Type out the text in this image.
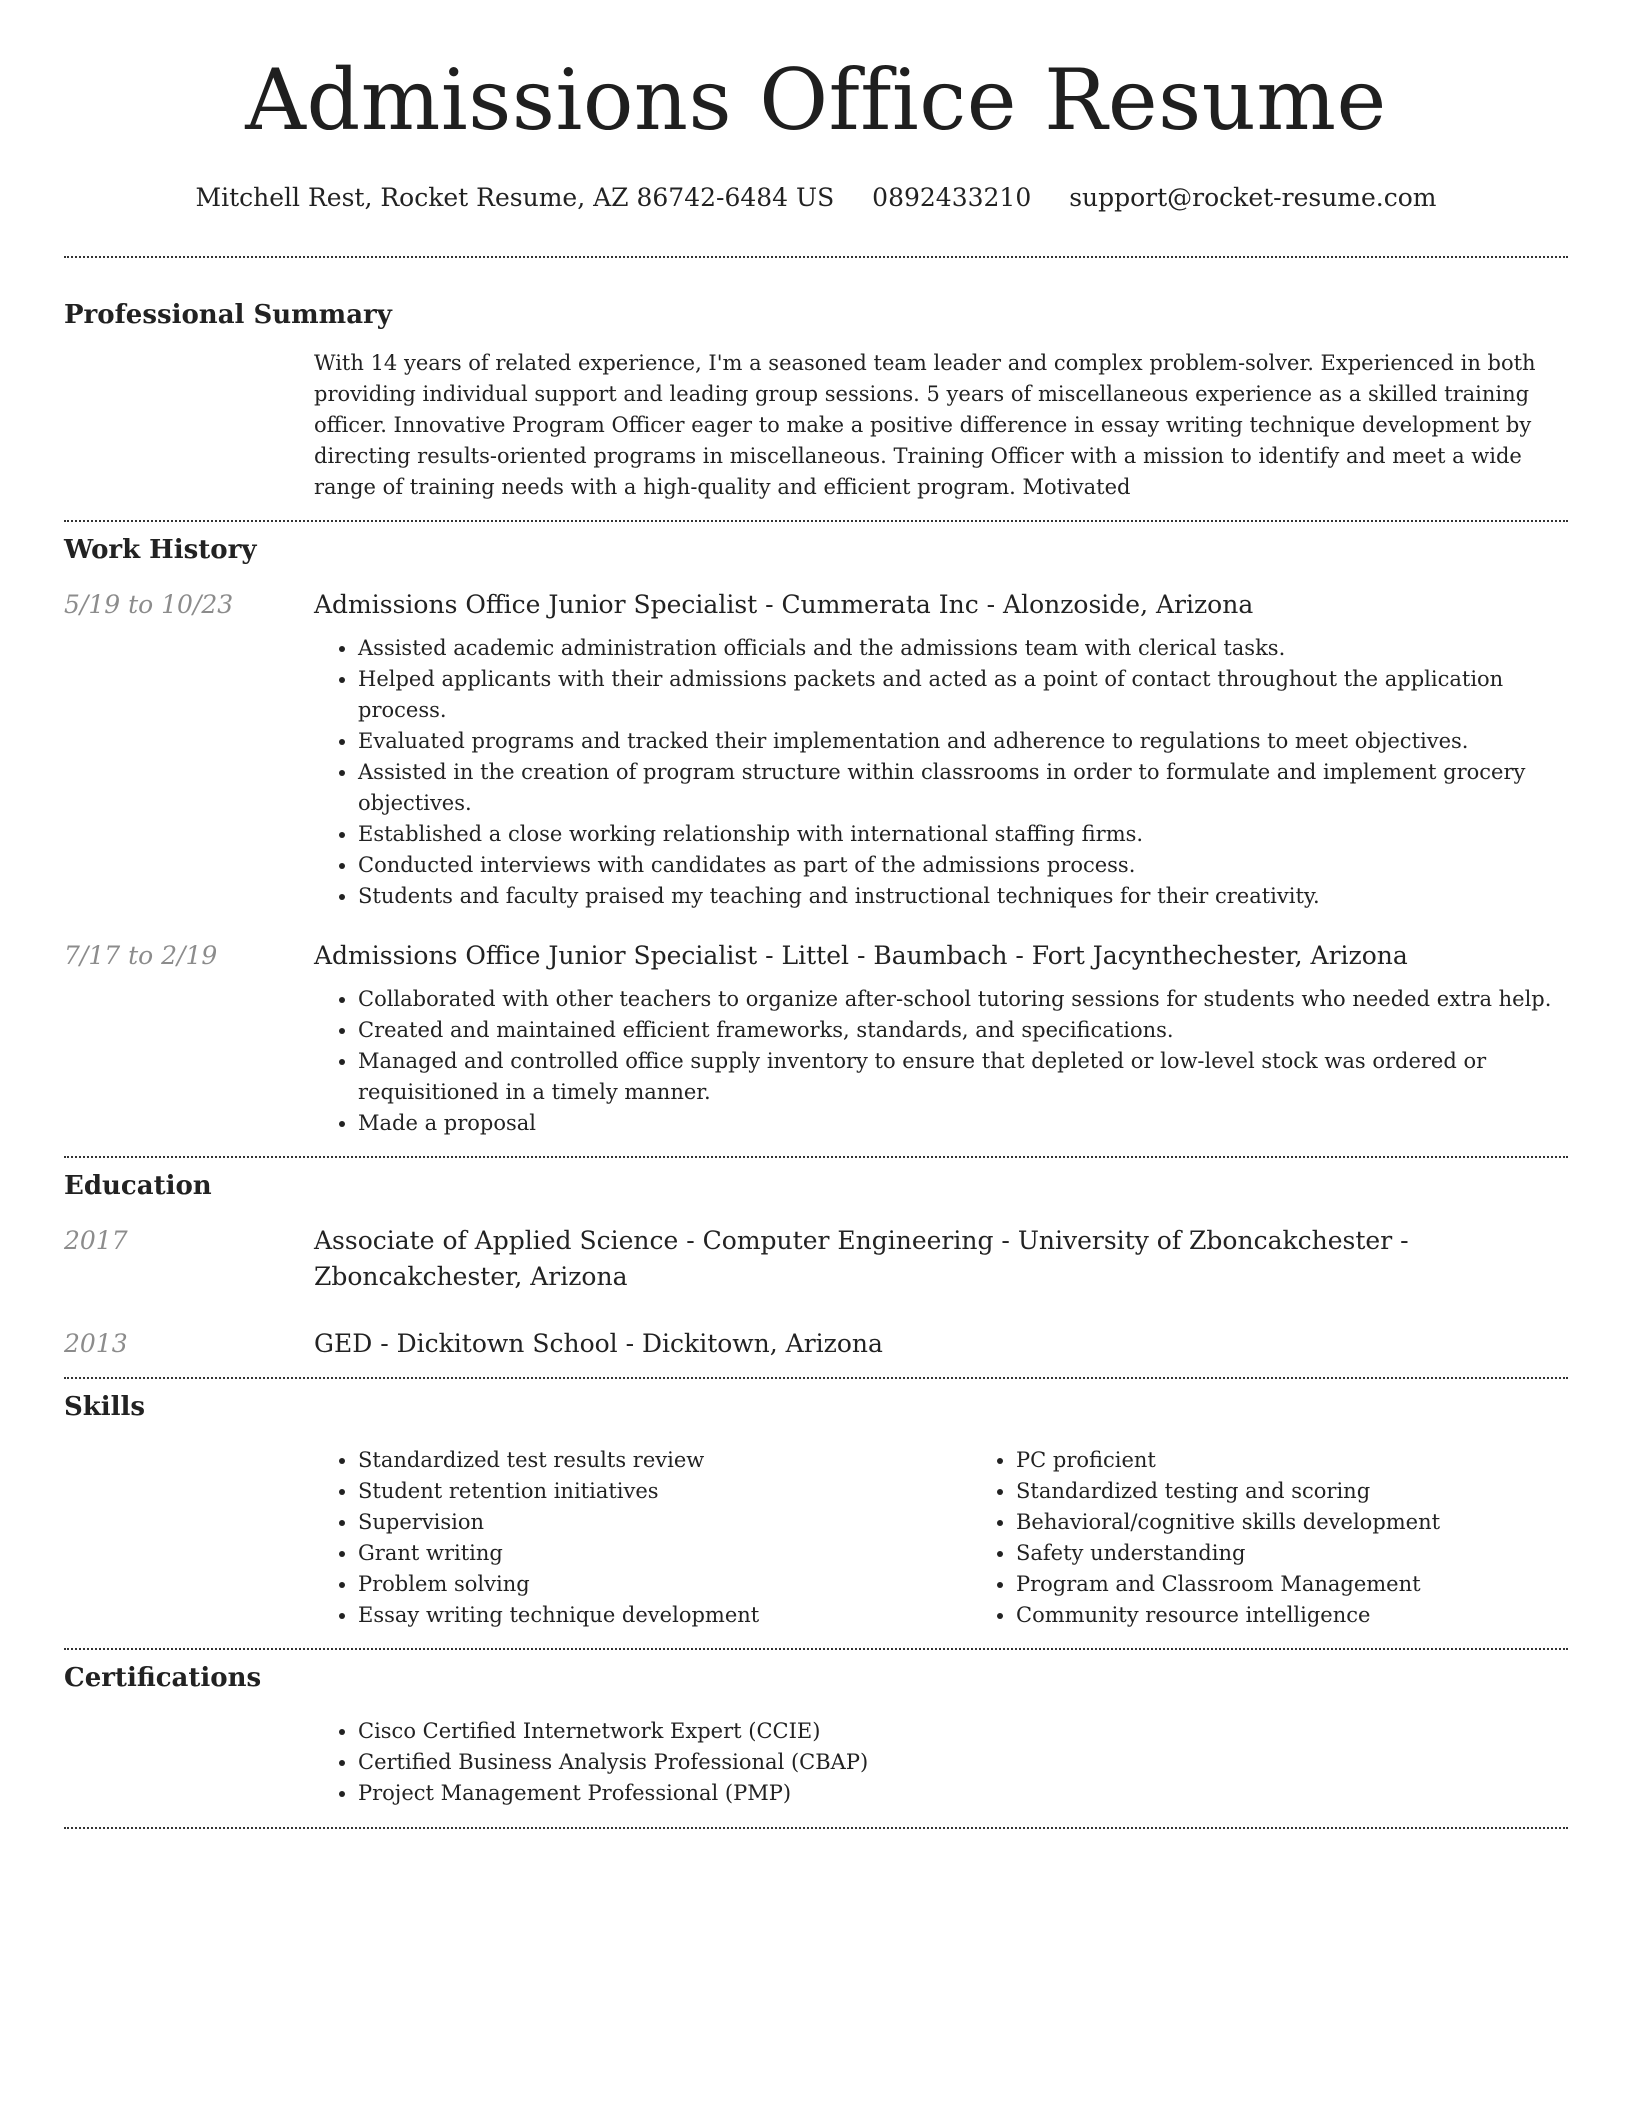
Admissions Office Resume
Mitchell Rest, Rocket Resume, AZ 86742-6484 US 0892433210 support@rocket-resume.com
Professional Summary

With 14 years of related experience, I'm a seasoned team leader and complex problem-solver. Experienced in both providing individual support and leading group sessions. 5 years of miscellaneous experience as a skilled training officer. Innovative Program Officer eager to make a positive difference in essay writing technique development by directing results-oriented programs in miscellaneous. Training Officer with a mission to identify and meet a wide range of training needs with a high-quality and efficient program. Motivated

Work History
5/19 to 10/23	Admissions Office Junior Specialist - Cummerata Inc - Alonzoside, Arizona
• Assisted academic administration officials and the admissions team with clerical tasks.
• Helped applicants with their admissions packets and acted as a point of contact throughout the application process.
• Evaluated programs and tracked their implementation and adherence to regulations to meet objectives.
• Assisted in the creation of program structure within classrooms in order to formulate and implement grocery objectives.
• Established a close working relationship with international staffing firms.
• Conducted interviews with candidates as part of the admissions process.
• Students and faculty praised my teaching and instructional techniques for their creativity.
7/17 to 2/19	Admissions Office Junior Specialist - Littel - Baumbach - Fort Jacynthechester, Arizona
• Collaborated with other teachers to organize after-school tutoring sessions for students who needed extra help.
• Created and maintained efficient frameworks, standards, and specifications.
• Managed and controlled office supply inventory to ensure that depleted or low-level stock was ordered or requisitioned in a timely manner.
• Made a proposal
Education
2017	Associate of Applied Science - Computer Engineering - University of Zboncakchester - Zboncakchester, Arizona
2013	GED - Dickitown School - Dickitown, Arizona
Skills
• Standardized test results review
• Student retention initiatives
• Supervision
• Grant writing
• Problem solving
• Essay writing technique development
• PC proficient
• Standardized testing and scoring
• Behavioral/cognitive skills development
• Safety understanding
• Program and Classroom Management
• Community resource intelligence
Certifications
• Cisco Certified Internetwork Expert (CCIE)
• Certified Business Analysis Professional (CBAP)
• Project Management Professional (PMP)
